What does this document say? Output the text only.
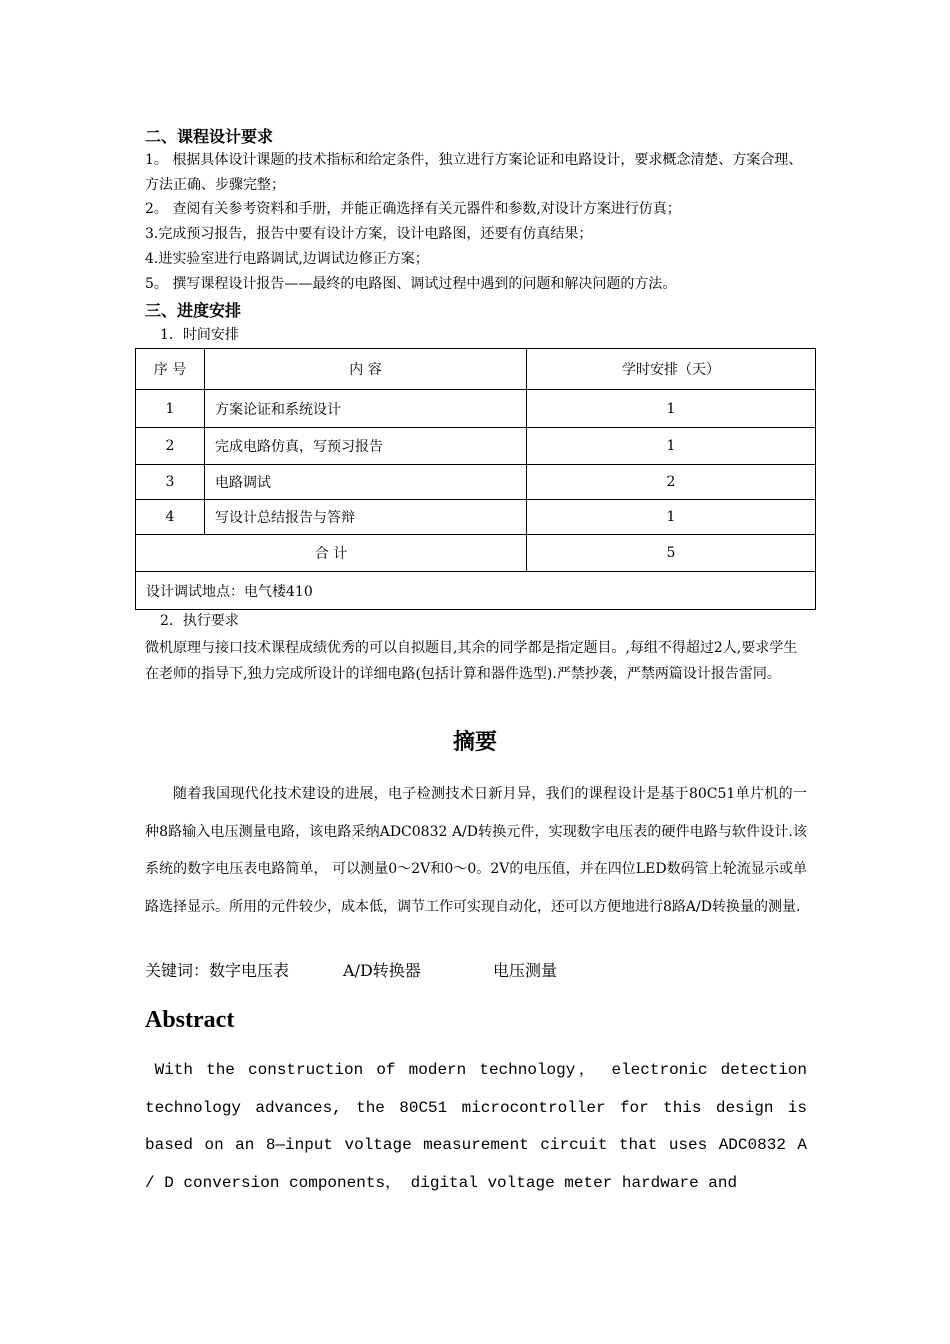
二、课程设计要求

1。 根据具体设计课题的技术指标和给定条件，独立进行方案论证和电路设计，要求概念清楚、方案合理、方法正确、步骤完整；

2。 查阅有关参考资料和手册，并能正确选择有关元器件和参数,对设计方案进行仿真；

3.完成预习报告，报告中要有设计方案，设计电路图，还要有仿真结果；

4.进实验室进行电路调试,边调试边修正方案；

5。 撰写课程设计报告——最终的电路图、调试过程中遇到的问题和解决问题的方法。

三、进度安排
1．时间安排
序 号	内 容	学时安排（天）
1	方案论证和系统设计	1
2	完成电路仿真，写预习报告	1
3	电路调试	2
4	写设计总结报告与答辩	1
合 计		5
设计调试地点：电气楼410		
2．执行要求
微机原理与接口技术课程成绩优秀的可以自拟题目,其余的同学都是指定题目。,每组不得超过2人,要求学生在老师的指导下,独力完成所设计的详细电路(包括计算和器件选型).严禁抄袭，严禁两篇设计报告雷同。
摘要

随着我国现代化技术建设的进展，电子检测技术日新月异，我们的课程设计是基于80C51单片机的一种8路输入电压测量电路，该电路采纳ADC0832 A/D转换元件，实现数字电压表的硬件电路与软件设计.该系统的数字电压表电路简单， 可以测量0～2V和0～0。2V的电压值，并在四位LED数码管上轮流显示或单路选择显示。所用的元件较少，成本低，调节工作可实现自动化，还可以方便地进行8路A/D转换量的测量.

关键词：数字电压表	A/D转换器	电压测量
Abstract

With the construction of modern technology， electronic detection technology advances, the 80C51 microcontroller for this design is based on an 8—input voltage measurement circuit that uses ADC0832 A / D conversion components， digital voltage meter hardware and
